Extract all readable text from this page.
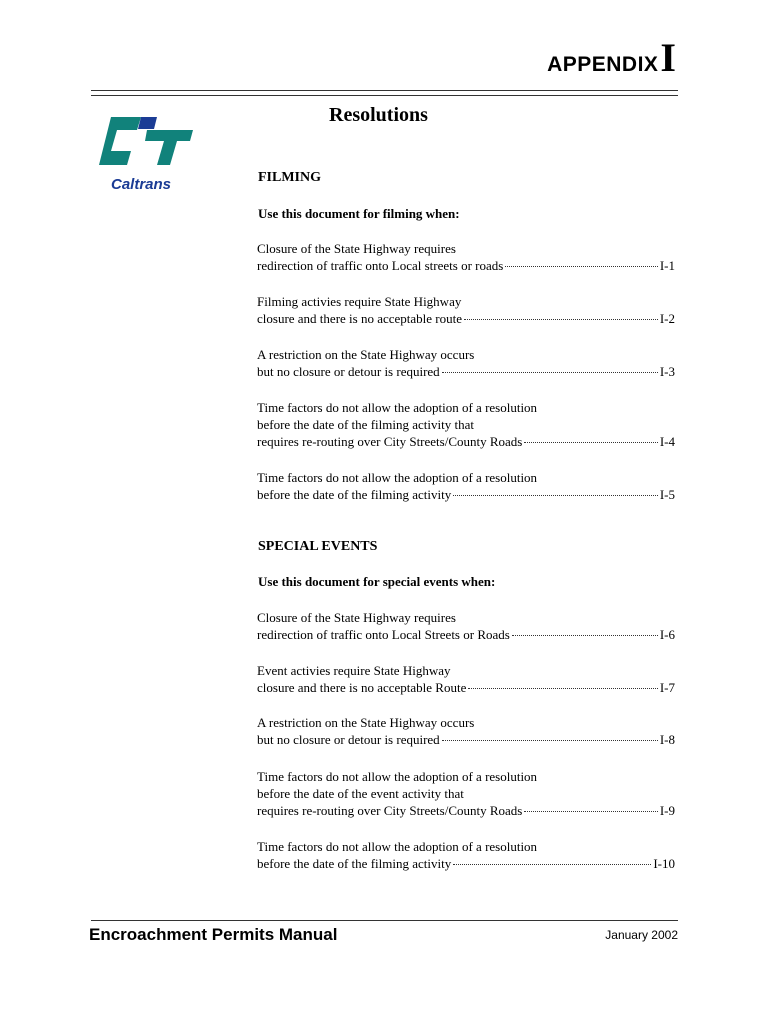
APPENDIXI
Caltrans
Resolutions
FILMING
Use this document for filming when:
Closure of the State Highway requires
redirection of traffic onto Local streets or roads	I-1
Filming activies require State Highway
closure and there is no acceptable route	I-2
A restriction on the State Highway occurs
but no closure or detour is required	I-3
Time factors do not allow the adoption of a resolution
before the date of the filming activity that
requires re-routing over City Streets/County Roads	I-4
Time factors do not allow the adoption of a resolution
before the date of the filming activity	I-5
SPECIAL EVENTS
Use this document for special events when:
Closure of the State Highway requires
redirection of traffic onto Local Streets or Roads	I-6
Event activies require State Highway
closure and there is no acceptable Route	I-7
A restriction on the State Highway occurs
but no closure or detour is required	I-8
Time factors do not allow the adoption of a resolution
before the date of the event activity that
requires re-routing over City Streets/County Roads	I-9
Time factors do not allow the adoption of a resolution
before the date of the filming activity	I-10
Encroachment Permits Manual	January 2002
